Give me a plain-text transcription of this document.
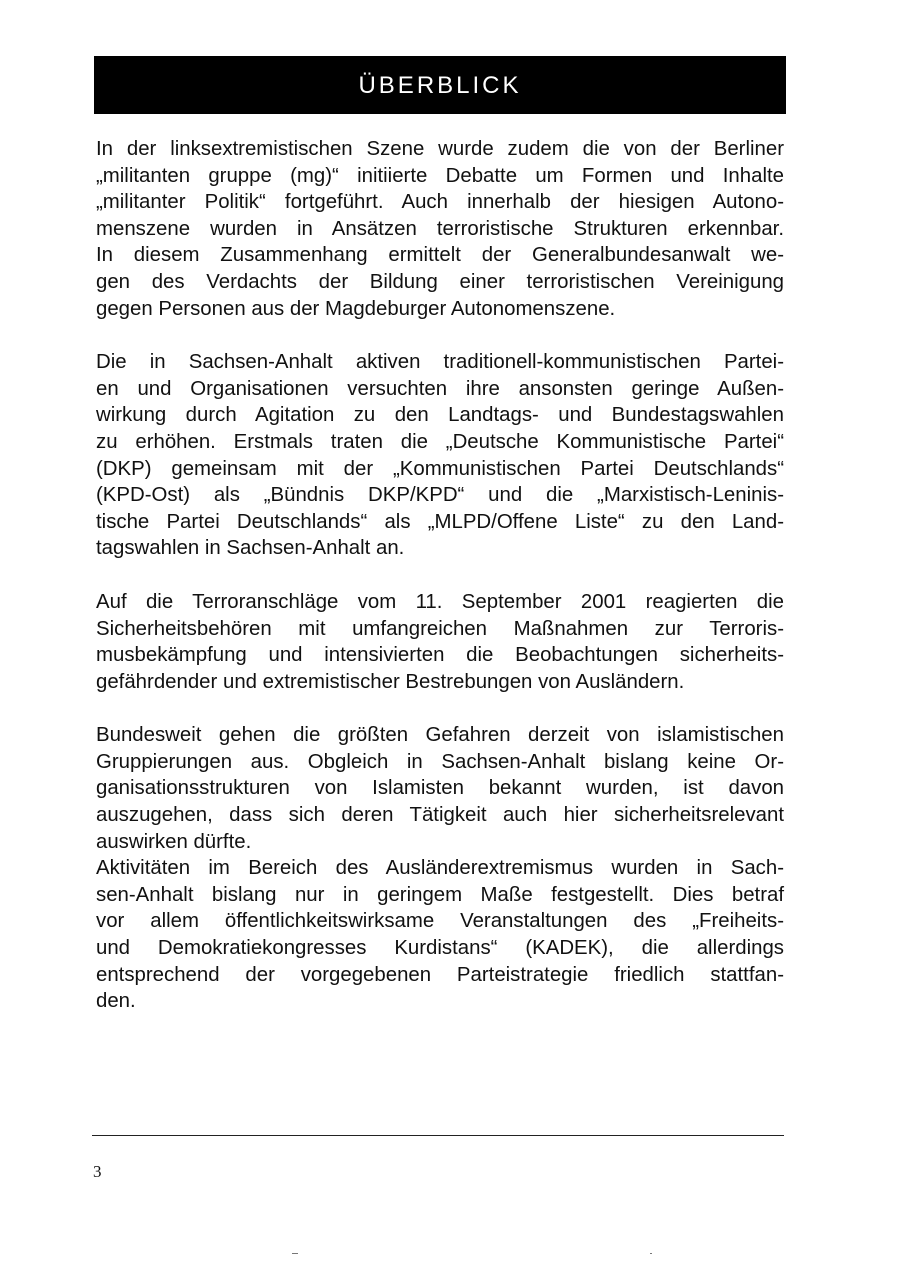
ÜBERBLICK
In der linksextremistischen Szene wurde zudem die von der Berliner
„militanten gruppe (mg)“ initiierte Debatte um Formen und Inhalte
„militanter Politik“ fortgeführt. Auch innerhalb der hiesigen Autono-
menszene wurden in Ansätzen terroristische Strukturen erkennbar.
In diesem Zusammenhang ermittelt der Generalbundesanwalt we-
gen des Verdachts der Bildung einer terroristischen Vereinigung
gegen Personen aus der Magdeburger Autonomenszene.
Die in Sachsen-Anhalt aktiven traditionell-kommunistischen Partei-
en und Organisationen versuchten ihre ansonsten geringe Außen-
wirkung durch Agitation zu den Landtags- und Bundestagswahlen
zu erhöhen. Erstmals traten die „Deutsche Kommunistische Partei“
(DKP) gemeinsam mit der „Kommunistischen Partei Deutschlands“
(KPD-Ost) als „Bündnis DKP/KPD“ und die „Marxistisch-Leninis-
tische Partei Deutschlands“ als „MLPD/Offene Liste“ zu den Land-
tagswahlen in Sachsen-Anhalt an.
Auf die Terroranschläge vom 11. September 2001 reagierten die
Sicherheitsbehören mit umfangreichen Maßnahmen zur Terroris-
musbekämpfung und intensivierten die Beobachtungen sicherheits-
gefährdender und extremistischer Bestrebungen von Ausländern.
Bundesweit gehen die größten Gefahren derzeit von islamistischen
Gruppierungen aus. Obgleich in Sachsen-Anhalt bislang keine Or-
ganisationsstrukturen von Islamisten bekannt wurden, ist davon
auszugehen, dass sich deren Tätigkeit auch hier sicherheitsrelevant
auswirken dürfte.
Aktivitäten im Bereich des Ausländerextremismus wurden in Sach-
sen-Anhalt bislang nur in geringem Maße festgestellt. Dies betraf
vor allem öffentlichkeitswirksame Veranstaltungen des „Freiheits-
und Demokratiekongresses Kurdistans“ (KADEK), die allerdings
entsprechend der vorgegebenen Parteistrategie friedlich stattfan-
den.
3
